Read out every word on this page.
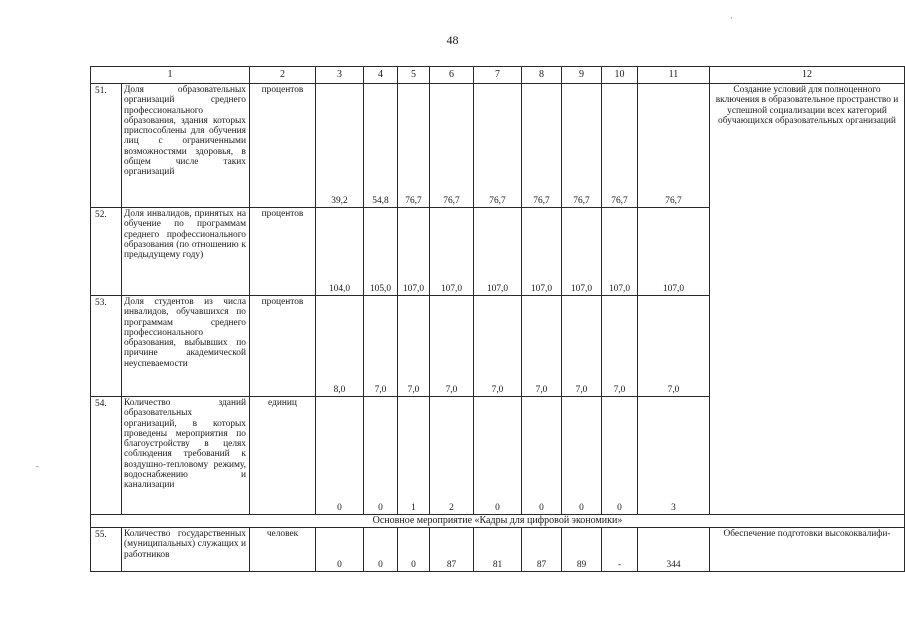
48
·
-
1		2	3	4	5	6	7	8	9	10	11	12
51.	Доля образовательных организаций среднего профессионального образования, здания которых приспособлены для обучения лиц с ограниченными возможностями здоровья, в общем числе таких организаций	процентов	39,2	54,8	76,7	76,7	76,7	76,7	76,7	76,7	76,7	Создание условий для полноценного включения в образовательное пространство и успешной социализации всех категорий обучающихся образовательных организаций
52.	Доля инвалидов, принятых на обучение по программам среднего профессионального образования (по отношению к предыдущему году)	процентов	104,0	105,0	107,0	107,0	107,0	107,0	107,0	107,0	107,0	
53.	Доля студентов из числа инвалидов, обучавшихся по программам среднего профессионального образования, выбывших по причине академической неуспеваемости	процентов	8,0	7,0	7,0	7,0	7,0	7,0	7,0	7,0	7,0	
54.	Количество зданий образовательных организаций, в которых проведены мероприятия по благоустройству в целях соблюдения требований к воздушно-тепловому режиму, водоснабжению и канализации	единиц	0	0	1	2	0	0	0	0	3	
Основное мероприятие «Кадры для цифровой экономики»												
55.	Количество государственных (муниципальных) служащих и работников	человек	0	0	0	87	81	87	89	-	344	Обеспечение подготовки высококвалифи-
